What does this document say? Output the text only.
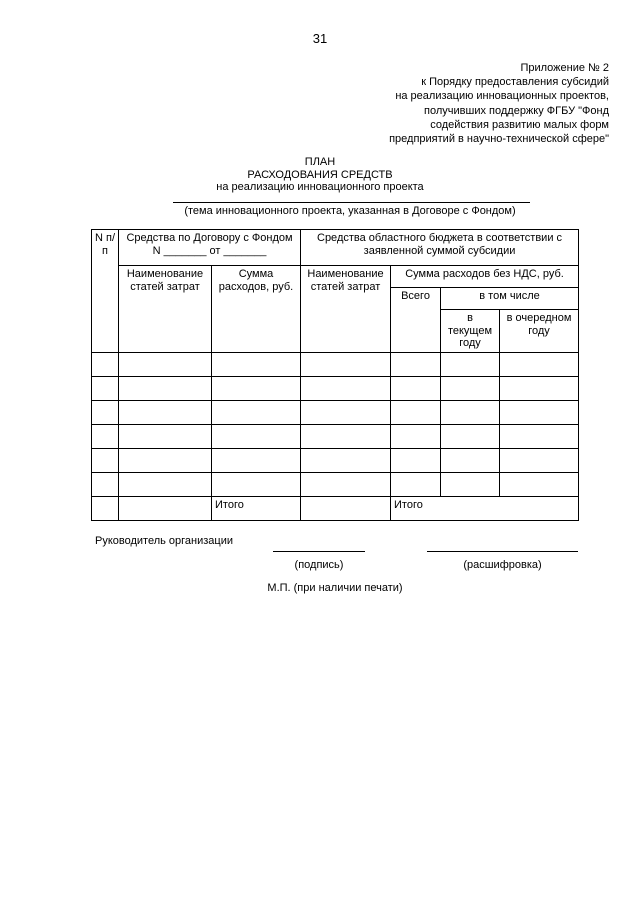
31
Приложение № 2
к Порядку предоставления субсидий
на реализацию инновационных проектов,
получивших поддержку ФГБУ "Фонд
содействия развитию малых форм
предприятий в научно-технической сфере"
ПЛАН
РАСХОДОВАНИЯ СРЕДСТВ
на реализацию инновационного проекта
(тема инновационного проекта, указанная в Договоре с Фондом)
N п/п	Средства по Договору с Фондом N _______ от _______		Средства областного бюджета в соответствии с заявленной суммой субсидии			
	Наименование статей затрат	Сумма расходов, руб.	Наименование статей затрат	Сумма расходов без НДС, руб.		
				Всего	в том числе	
					в текущем году	в очередном году

		Итого		Итого		
Руководитель организации
(подпись)	(расшифровка)
М.П. (при наличии печати)
